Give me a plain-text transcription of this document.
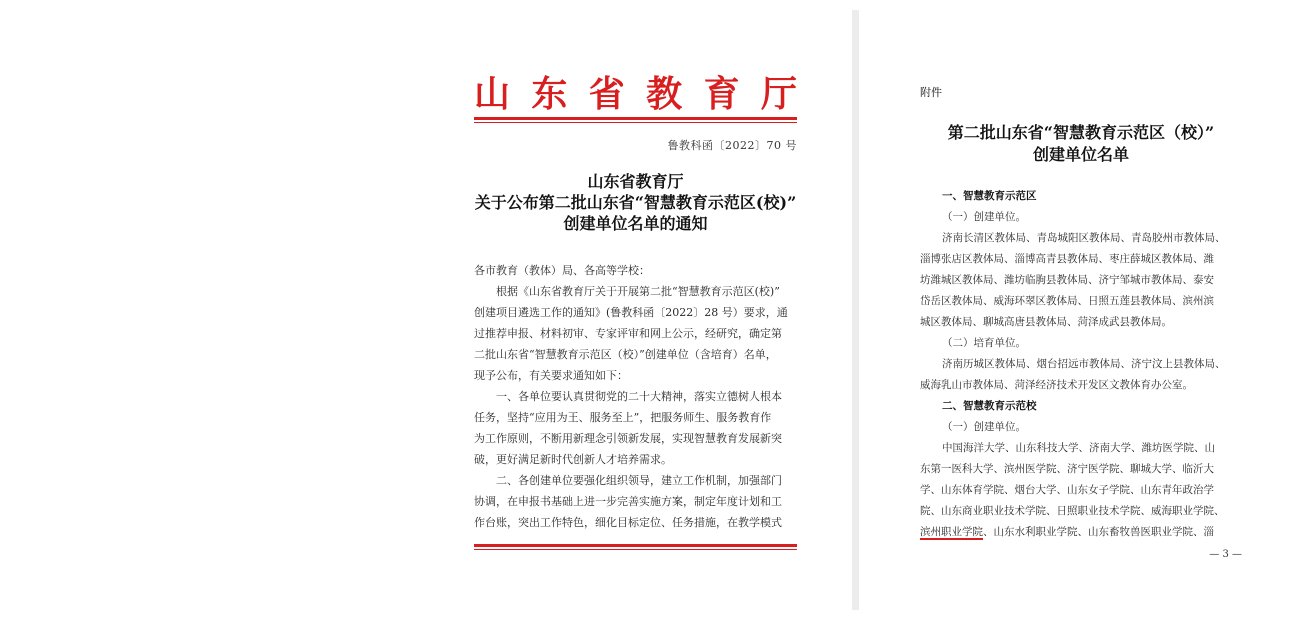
山 东 省 教 育 厅
鲁教科函〔2022〕70 号
山东省教育厅
关于公布第二批山东省“智慧教育示范区(校)”
创建单位名单的通知

各市教育（教体）局、各高等学校：

根据《山东省教育厅关于开展第二批“智慧教育示范区(校)”

创建项目遴选工作的通知》(鲁教科函〔2022〕28 号）要求，通

过推荐申报、材料初审、专家评审和网上公示，经研究，确定第

二批山东省“智慧教育示范区（校）”创建单位（含培育）名单，

现予公布，有关要求通知如下：

一、各单位要认真贯彻党的二十大精神，落实立德树人根本

任务，坚持“应用为王、服务至上”，把服务师生、服务教育作

为工作原则，不断用新理念引领新发展，实现智慧教育发展新突

破，更好满足新时代创新人才培养需求。

二、各创建单位要强化组织领导，建立工作机制，加强部门

协调，在申报书基础上进一步完善实施方案，制定年度计划和工

作台账，突出工作特色，细化目标定位、任务措施，在教学模式

附件
第二批山东省“智慧教育示范区（校）”
创建单位名单

一、智慧教育示范区

（一）创建单位。

济南长清区教体局、青岛城阳区教体局、青岛胶州市教体局、

淄博张店区教体局、淄博高青县教体局、枣庄薛城区教体局、潍

坊潍城区教体局、潍坊临朐县教体局、济宁邹城市教体局、泰安

岱岳区教体局、威海环翠区教体局、日照五莲县教体局、滨州滨

城区教体局、聊城高唐县教体局、菏泽成武县教体局。

（二）培育单位。

济南历城区教体局、烟台招远市教体局、济宁汶上县教体局、

威海乳山市教体局、菏泽经济技术开发区文教体育办公室。

二、智慧教育示范校

（一）创建单位。

中国海洋大学、山东科技大学、济南大学、潍坊医学院、山

东第一医科大学、滨州医学院、济宁医学院、聊城大学、临沂大

学、山东体育学院、烟台大学、山东女子学院、山东青年政治学

院、山东商业职业技术学院、日照职业技术学院、威海职业学院、

滨州职业学院、山东水利职业学院、山东畜牧兽医职业学院、淄

— 3 —
